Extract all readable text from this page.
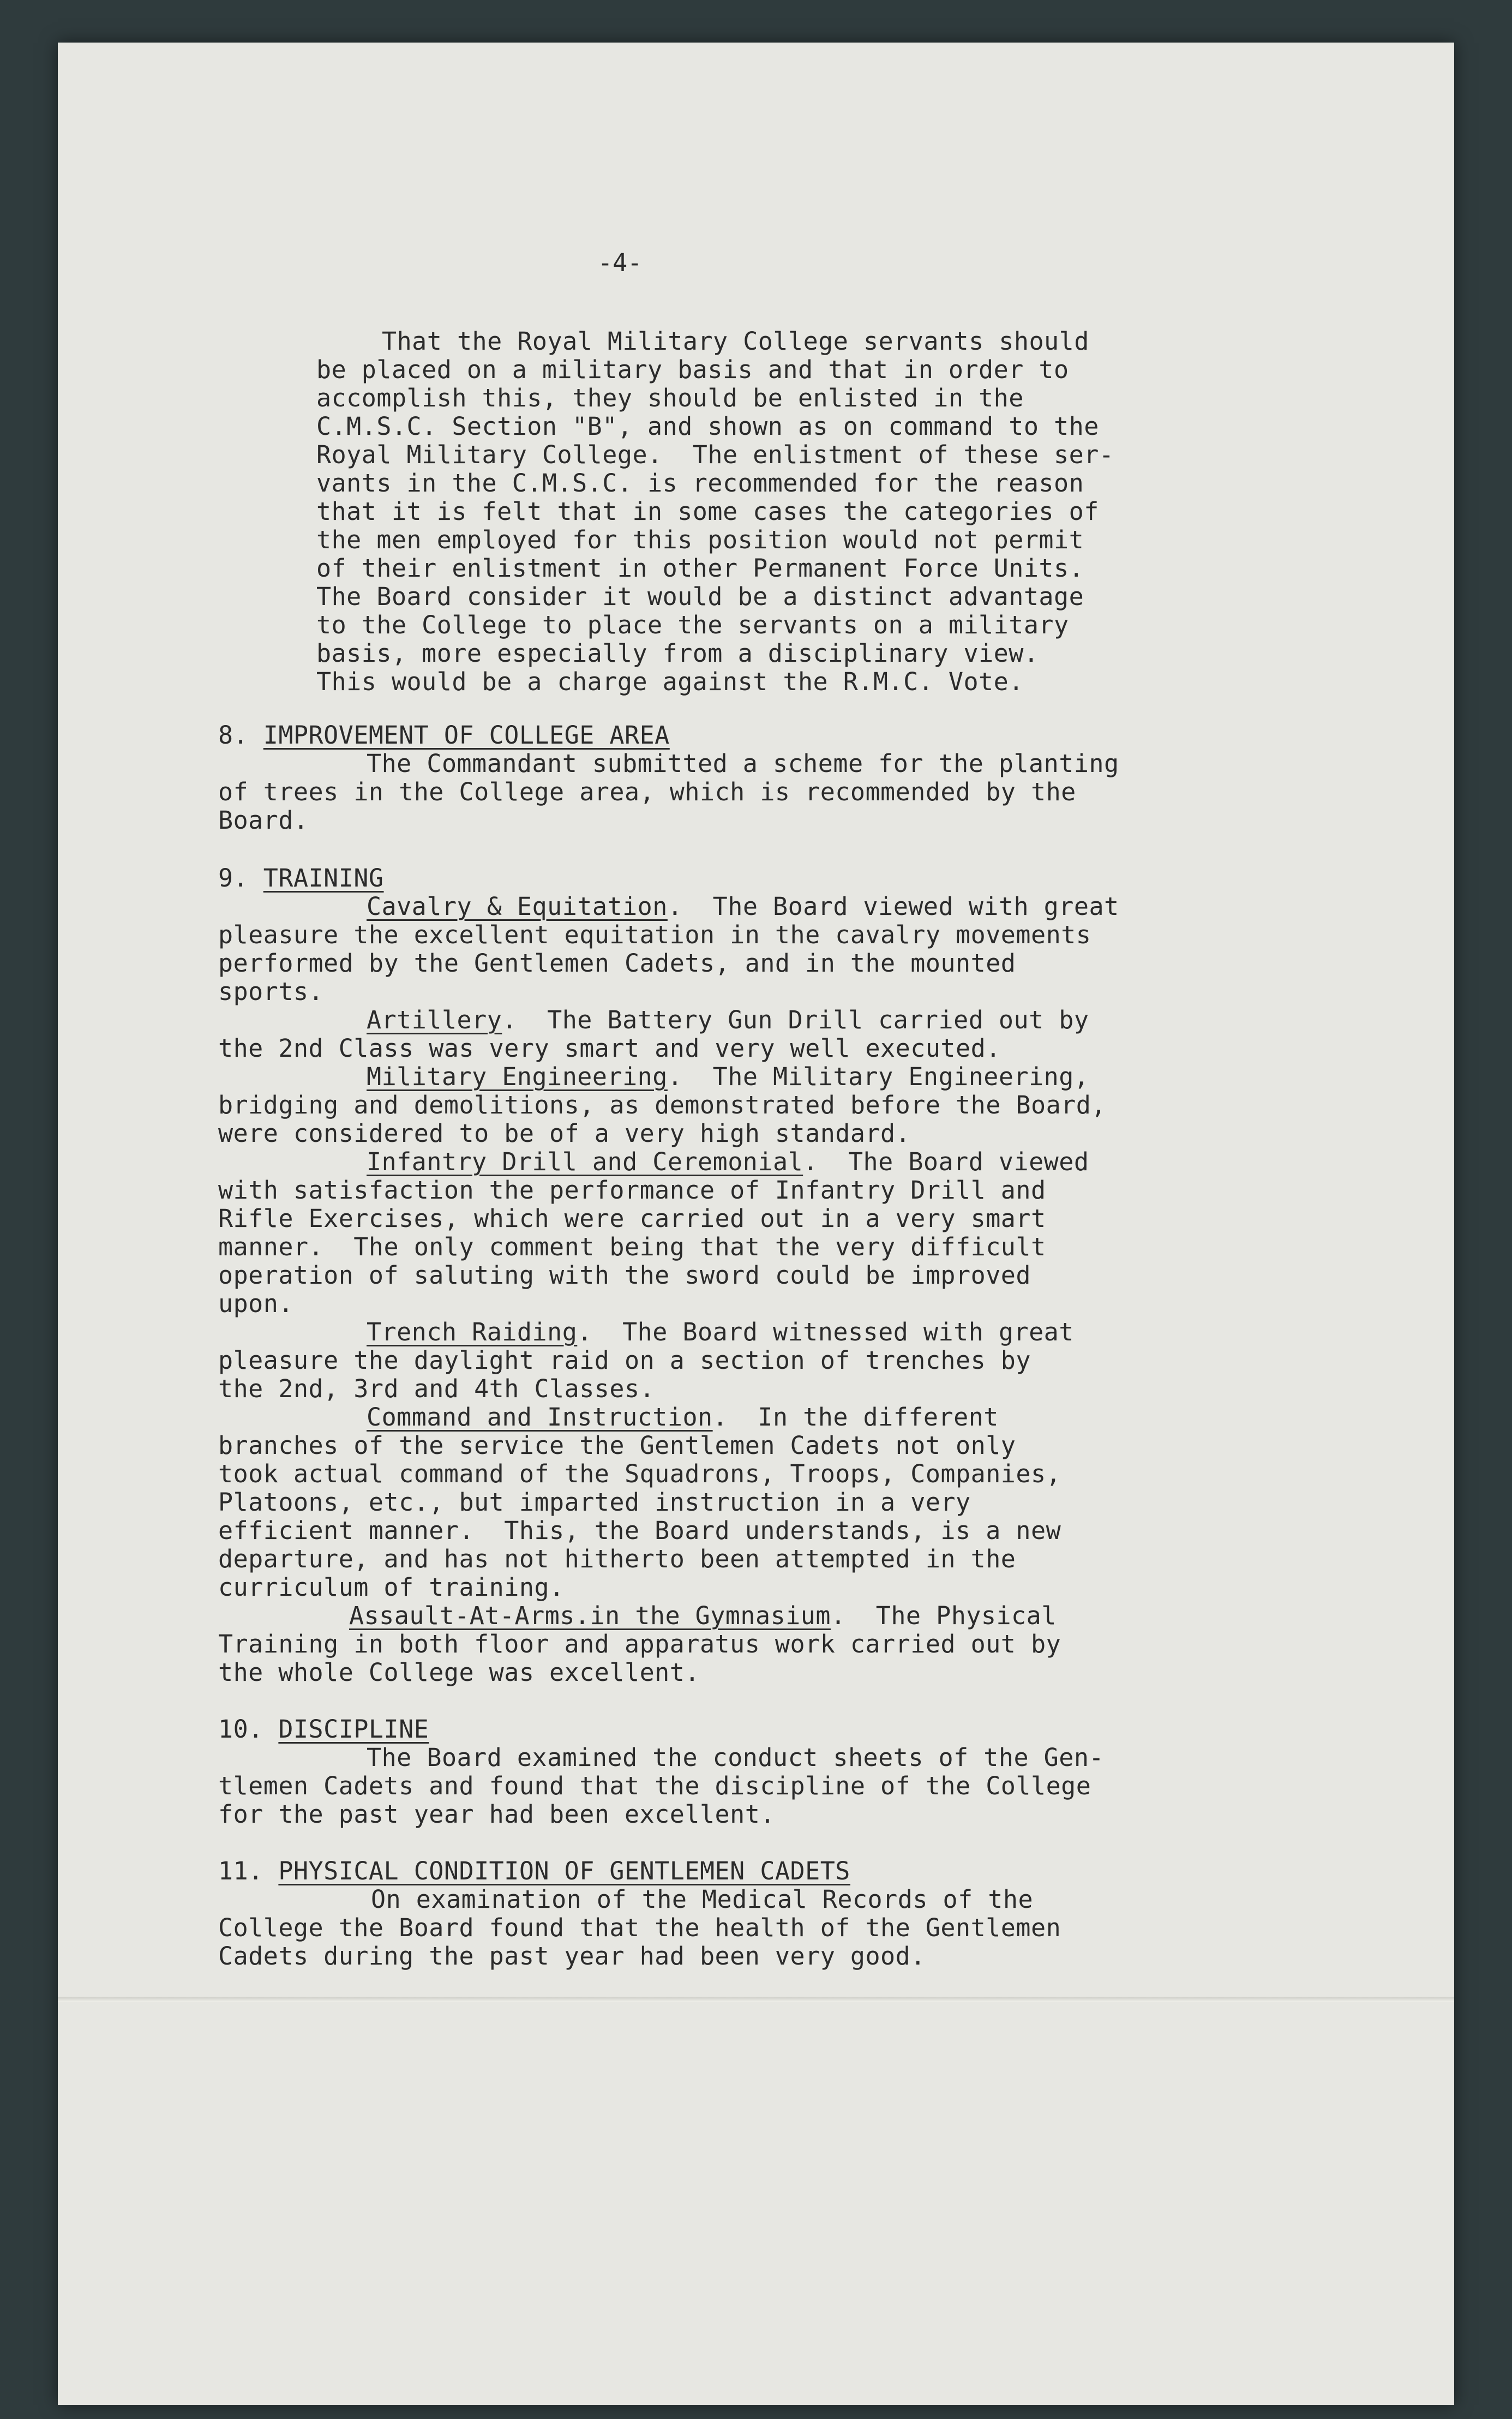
-4-
That the Royal Military College servants should
be placed on a military basis and that in order to
accomplish this, they should be enlisted in the
C.M.S.C. Section "B", and shown as on command to the
Royal Military College.  The enlistment of these ser-
vants in the C.M.S.C. is recommended for the reason
that it is felt that in some cases the categories of
the men employed for this position would not permit
of their enlistment in other Permanent Force Units.
The Board consider it would be a distinct advantage
to the College to place the servants on a military
basis, more especially from a disciplinary view.
This would be a charge against the R.M.C. Vote.
8. IMPROVEMENT OF COLLEGE AREA
The Commandant submitted a scheme for the planting
of trees in the College area, which is recommended by the
Board.
9. TRAINING
Cavalry & Equitation.  The Board viewed with great
pleasure the excellent equitation in the cavalry movements
performed by the Gentlemen Cadets, and in the mounted
sports.
Artillery.  The Battery Gun Drill carried out by
the 2nd Class was very smart and very well executed.
Military Engineering.  The Military Engineering,
bridging and demolitions, as demonstrated before the Board,
were considered to be of a very high standard.
Infantry Drill and Ceremonial.  The Board viewed
with satisfaction the performance of Infantry Drill and
Rifle Exercises, which were carried out in a very smart
manner.  The only comment being that the very difficult
operation of saluting with the sword could be improved
upon.
Trench Raiding.  The Board witnessed with great
pleasure the daylight raid on a section of trenches by
the 2nd, 3rd and 4th Classes.
Command and Instruction.  In the different
branches of the service the Gentlemen Cadets not only
took actual command of the Squadrons, Troops, Companies,
Platoons, etc., but imparted instruction in a very
efficient manner.  This, the Board understands, is a new
departure, and has not hitherto been attempted in the
curriculum of training.
Assault-At-Arms.in the Gymnasium.  The Physical
Training in both floor and apparatus work carried out by
the whole College was excellent.
10. DISCIPLINE
The Board examined the conduct sheets of the Gen-
tlemen Cadets and found that the discipline of the College
for the past year had been excellent.
11. PHYSICAL CONDITION OF GENTLEMEN CADETS
On examination of the Medical Records of the
College the Board found that the health of the Gentlemen
Cadets during the past year had been very good.
